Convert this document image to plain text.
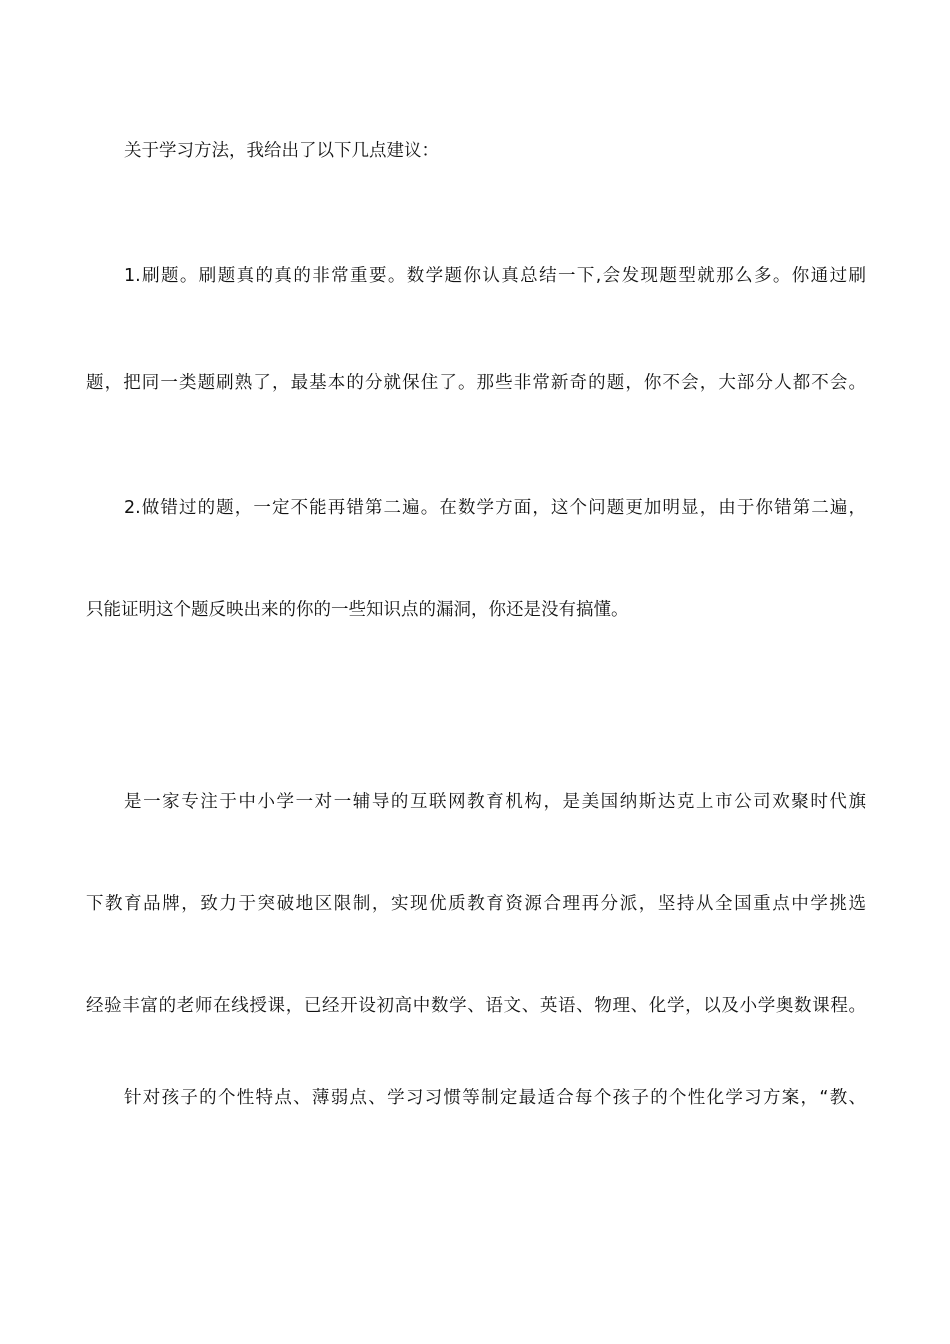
关于学习方法，我给出了以下几点建议：
1.刷题。刷题真的真的非常重要。数学题你认真总结一下,会发现题型就那么多。你通过刷
题，把同一类题刷熟了，最基本的分就保住了。那些非常新奇的题，你不会，大部分人都不会。
2.做错过的题，一定不能再错第二遍。在数学方面，这个问题更加明显，由于你错第二遍，
只能证明这个题反映出来的你的一些知识点的漏洞，你还是没有搞懂。
是一家专注于中小学一对一辅导的互联网教育机构，是美国纳斯达克上市公司欢聚时代旗
下教育品牌，致力于突破地区限制，实现优质教育资源合理再分派，坚持从全国重点中学挑选
经验丰富的老师在线授课，已经开设初高中数学、语文、英语、物理、化学，以及小学奥数课程。
针对孩子的个性特点、薄弱点、学习习惯等制定最适合每个孩子的个性化学习方案，“教、
